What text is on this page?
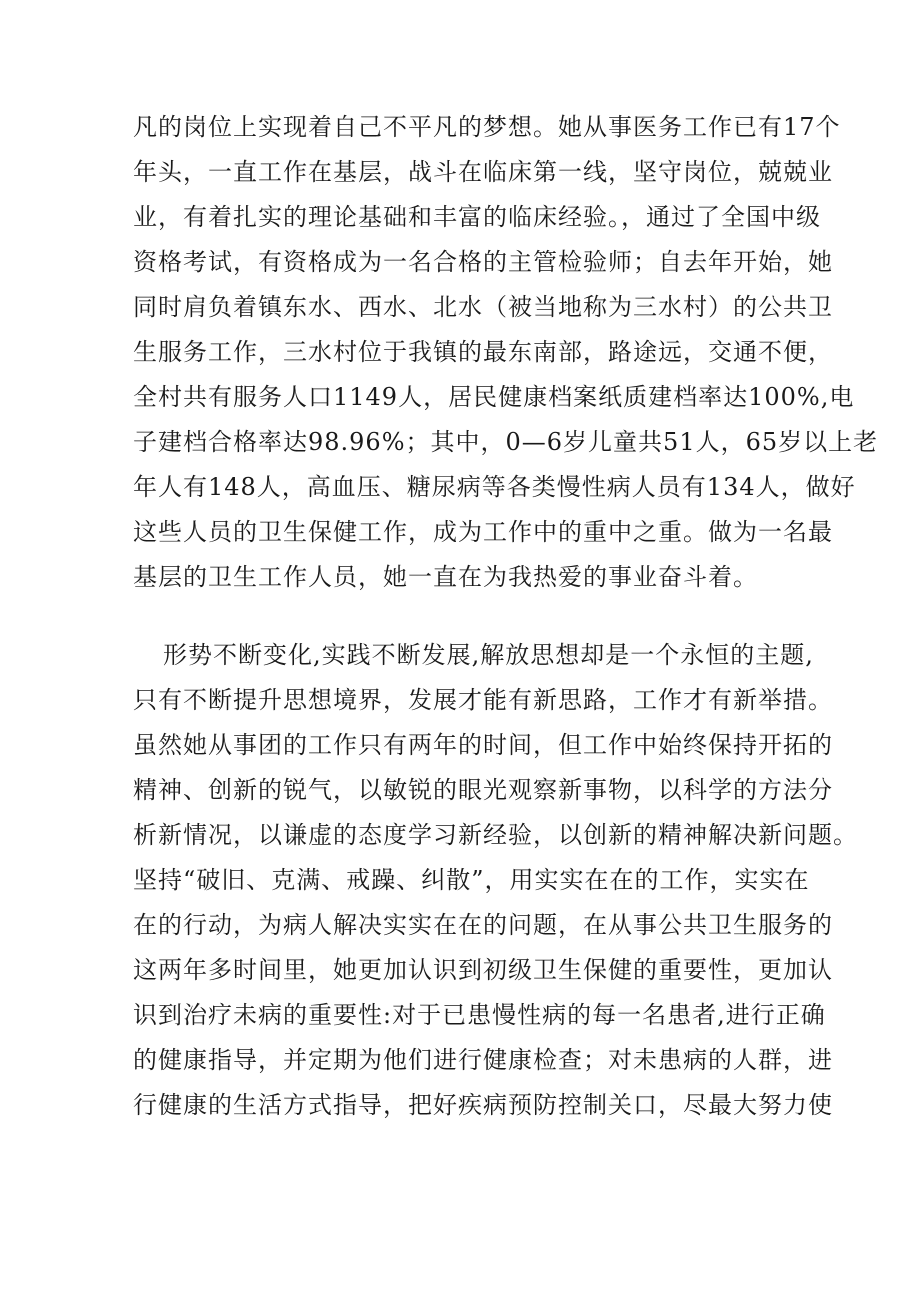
凡的岗位上实现着自己不平凡的梦想。她从事医务工作已有17个
年头，一直工作在基层，战斗在临床第一线，坚守岗位，兢兢业
业，有着扎实的理论基础和丰富的临床经验。，通过了全国中级
资格考试，有资格成为一名合格的主管检验师；自去年开始，她
同时肩负着镇东水、西水、北水（被当地称为三水村）的公共卫
生服务工作，三水村位于我镇的最东南部，路途远，交通不便，
全村共有服务人口1149人，居民健康档案纸质建档率达100%,电
子建档合格率达98.96%；其中，0—6岁儿童共51人，65岁以上老
年人有148人，高血压、糖尿病等各类慢性病人员有134人，做好
这些人员的卫生保健工作，成为工作中的重中之重。做为一名最
基层的卫生工作人员，她一直在为我热爱的事业奋斗着。
形势不断变化,实践不断发展,解放思想却是一个永恒的主题,
只有不断提升思想境界，发展才能有新思路，工作才有新举措。
虽然她从事团的工作只有两年的时间，但工作中始终保持开拓的
精神、创新的锐气，以敏锐的眼光观察新事物，以科学的方法分
析新情况，以谦虚的态度学习新经验，以创新的精神解决新问题。
坚持“破旧、克满、戒躁、纠散”，用实实在在的工作，实实在
在的行动，为病人解决实实在在的问题，在从事公共卫生服务的
这两年多时间里，她更加认识到初级卫生保健的重要性，更加认
识到治疗未病的重要性:对于已患慢性病的每一名患者,进行正确
的健康指导，并定期为他们进行健康检查；对未患病的人群，进
行健康的生活方式指导，把好疾病预防控制关口，尽最大努力使
